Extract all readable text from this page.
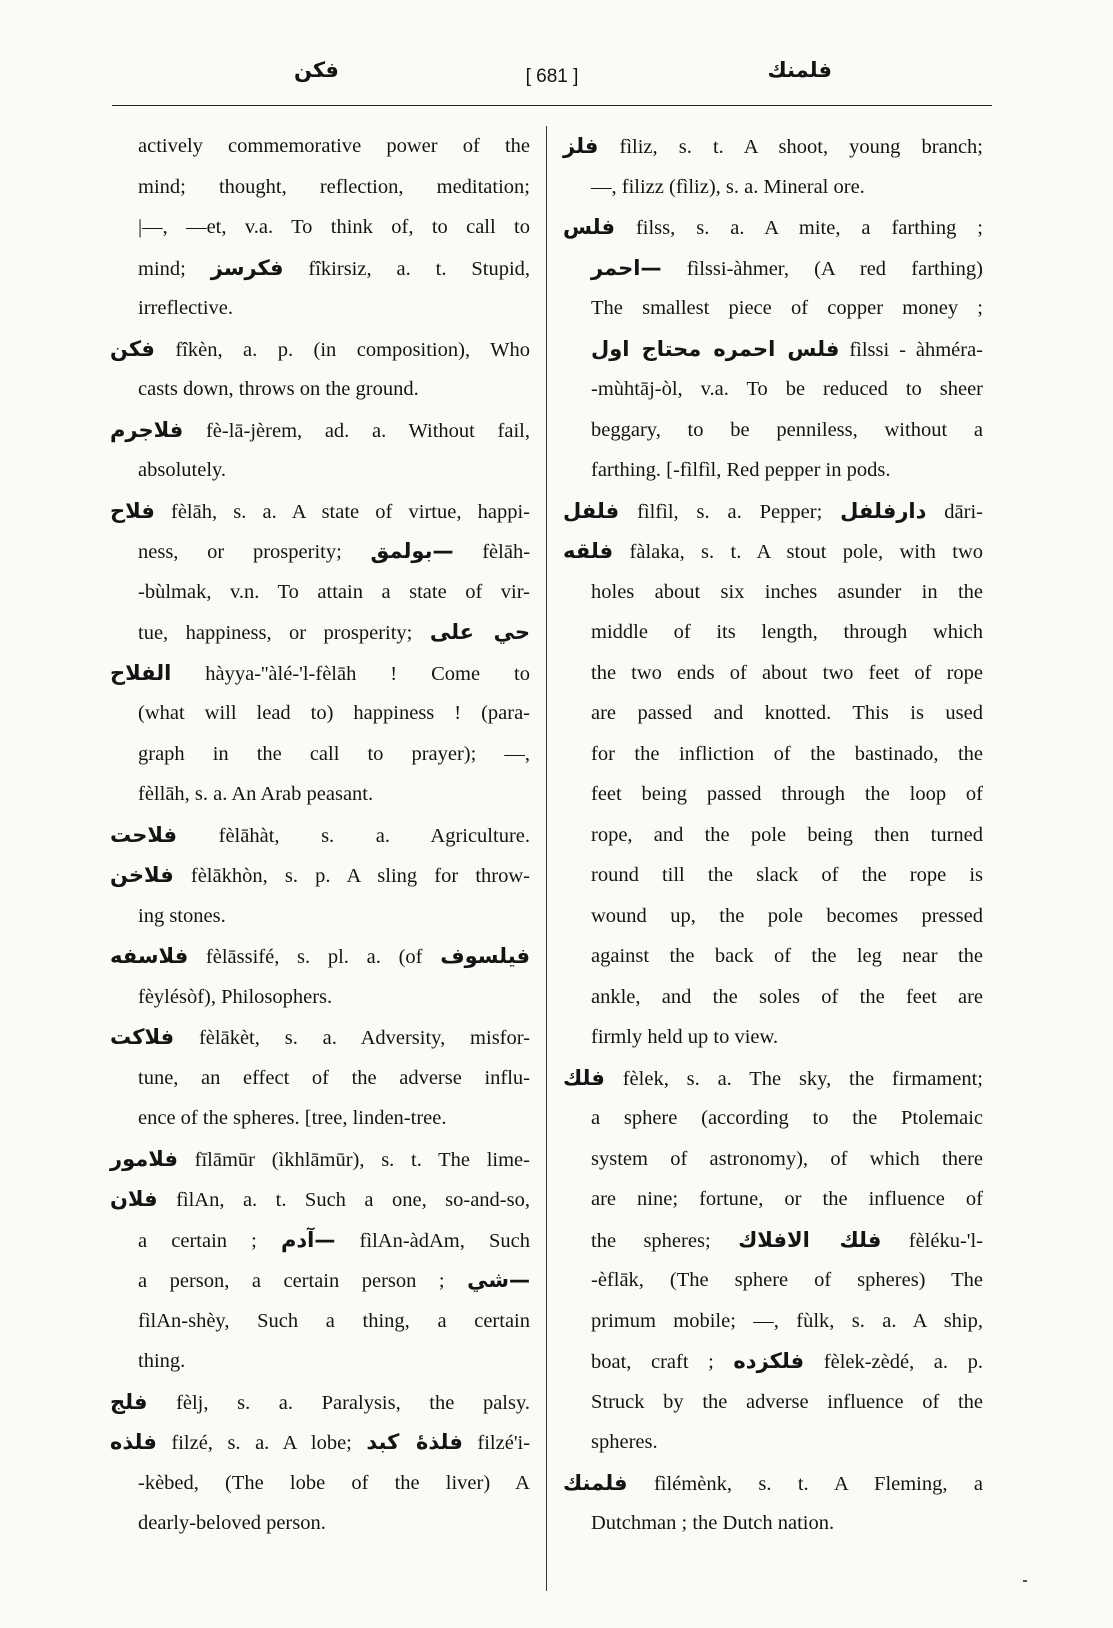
فكن	[ 681 ]	فلمنك
actively commemorative power of the
mind; thought, reflection, meditation;
|—, —et, v.a. To think of, to call to
mind; فكرسز fîkirsiz, a. t. Stupid,
irreflective.
فكن fîkèn, a. p. (in composition), Who
casts down, throws on the ground.
فلاجرم fè-lā-jèrem, ad. a. Without fail,
absolutely.
فلاح fèlāh, s. a. A state of virtue, happi-
ness, or prosperity; —بولمق fèlāh-
-bùlmak, v.n. To attain a state of vir-
tue, happiness, or prosperity; حي على
الفلاح hàyya-''àlé-'l-fèlāh ! Come to
(what will lead to) happiness ! (para-
graph in the call to prayer); —,
fèllāh, s. a. An Arab peasant.
فلاحت fèlāhàt, s. a. Agriculture.
فلاخن fèlākhòn, s. p. A sling for throw-
ing stones.
فلاسفه fèlāssifé, s. pl. a. (of فيلسوف
fèylésòf), Philosophers.
فلاكت fèlākèt, s. a. Adversity, misfor-
tune, an effect of the adverse influ-
ence of the spheres. [tree, linden-tree.
فلامور fīlāmūr (ìkhlāmūr), s. t. The lime-
فلان fìlAn, a. t. Such a one, so-and-so,
a certain ; —آدم fìlAn-àdAm, Such
a person, a certain person ; —شي
fìlAn-shèy, Such a thing, a certain
thing.
فلج fèlj, s. a. Paralysis, the palsy.
فلذه filzé, s. a. A lobe; فلذهٔ كبد filzé'i-
-kèbed, (The lobe of the liver) A
dearly-beloved person.
فلز fìliz, s. t. A shoot, young branch;
—, filizz (fìliz), s. a. Mineral ore.
فلس filss, s. a. A mite, a farthing ;
—احمر fìlssi-àhmer, (A red farthing)
The smallest piece of copper money ;
فلس احمره محتاج اول fìlssi - àhméra-
-mùhtāj-òl, v.a. To be reduced to sheer
beggary, to be penniless, without a
farthing. [-fìlfìl, Red pepper in pods.
فلفل fìlfìl, s. a. Pepper; دارفلفل dāri-
فلقه fàlaka, s. t. A stout pole, with two
holes about six inches asunder in the
middle of its length, through which
the two ends of about two feet of rope
are passed and knotted. This is used
for the infliction of the bastinado, the
feet being passed through the loop of
rope, and the pole being then turned
round till the slack of the rope is
wound up, the pole becomes pressed
against the back of the leg near the
ankle, and the soles of the feet are
firmly held up to view.
فلك fèlek, s. a. The sky, the firmament;
a sphere (according to the Ptolemaic
system of astronomy), of which there
are nine; fortune, or the influence of
the spheres; فلك الافلاك fèléku-'l-
-èflāk, (The sphere of spheres) The
primum mobile; —, fùlk, s. a. A ship,
boat, craft ; فلكزده fèlek-zèdé, a. p.
Struck by the adverse influence of the
spheres.
فلمنك fìlémènk, s. t. A Fleming, a
Dutchman ; the Dutch nation.
